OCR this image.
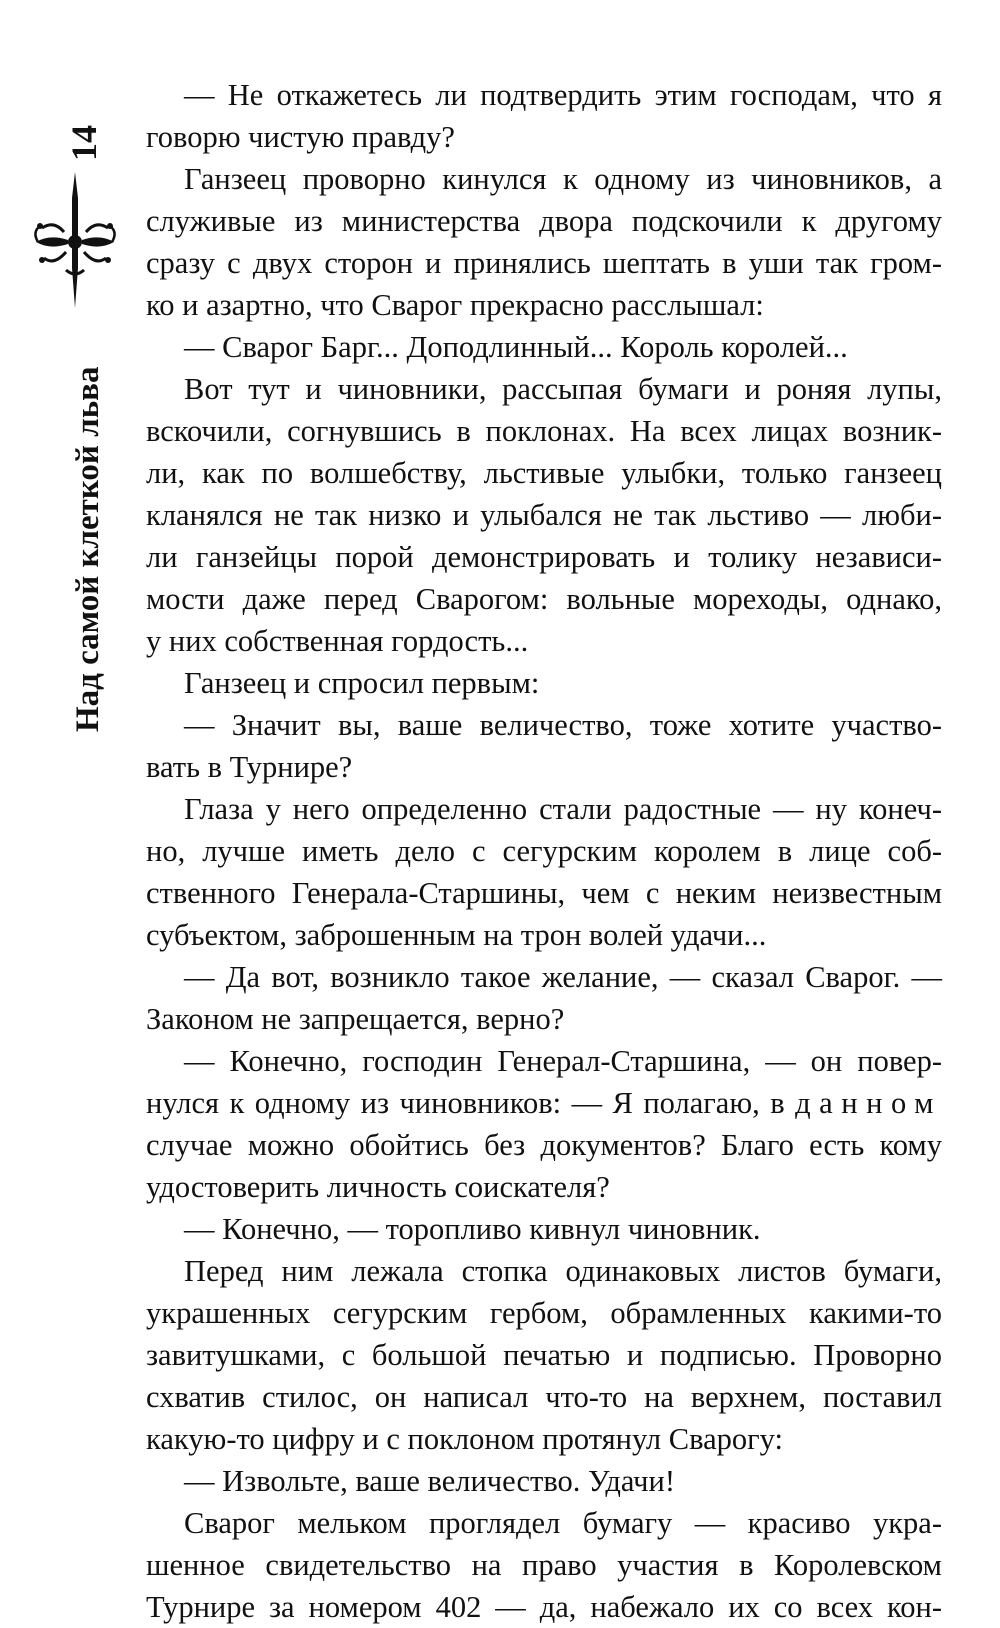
14
Над самой клеткой льва
— Не откажетесь ли подтвердить этим господам, что я
говорю чистую правду?
Ганзеец проворно кинулся к одному из чиновников, а
служивые из министерства двора подскочили к другому
сразу с двух сторон и принялись шептать в уши так гром-
ко и азартно, что Сварог прекрасно расслышал:
— Сварог Барг... Доподлинный... Король королей...
Вот тут и чиновники, рассыпая бумаги и роняя лупы,
вскочили, согнувшись в поклонах. На всех лицах возник-
ли, как по волшебству, льстивые улыбки, только ганзеец
кланялся не так низко и улыбался не так льстиво — люби-
ли ганзейцы порой демонстрировать и толику независи-
мости даже перед Сварогом: вольные мореходы, однако,
у них собственная гордость...
Ганзеец и спросил первым:
— Значит вы, ваше величество, тоже хотите участво-
вать в Турнире?
Глаза у него определенно стали радостные — ну конеч-
но, лучше иметь дело с сегурским королем в лице соб-
ственного Генерала-Старшины, чем с неким неизвестным
субъектом, заброшенным на трон волей удачи...
— Да вот, возникло такое желание, — сказал Сварог. —
Законом не запрещается, верно?
— Конечно, господин Генерал-Старшина, — он повер-
нулся к одному из чиновников: — Я полагаю, в данном
случае можно обойтись без документов? Благо есть кому
удостоверить личность соискателя?
— Конечно, — торопливо кивнул чиновник.
Перед ним лежала стопка одинаковых листов бумаги,
украшенных сегурским гербом, обрамленных какими-то
завитушками, с большой печатью и подписью. Проворно
схватив стилос, он написал что-то на верхнем, поставил
какую-то цифру и с поклоном протянул Сварогу:
— Извольте, ваше величество. Удачи!
Сварог мельком проглядел бумагу — красиво укра-
шенное свидетельство на право участия в Королевском
Турнире за номером 402 — да, набежало их со всех кон-
